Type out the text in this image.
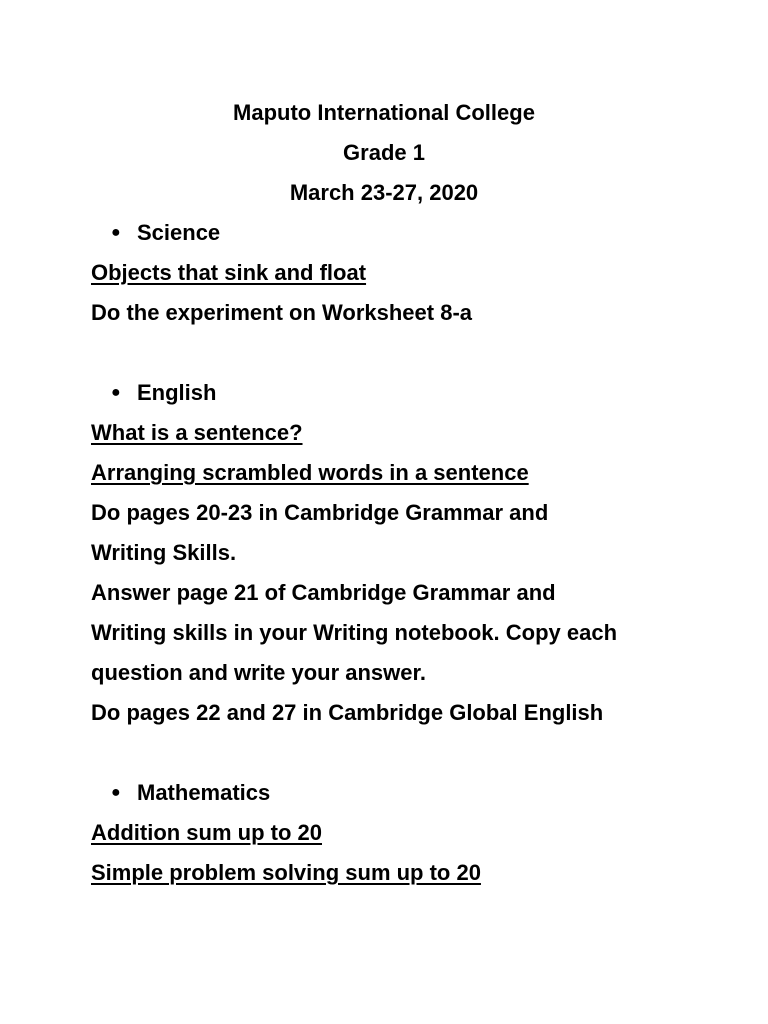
Maputo International College
Grade 1
March 23-27, 2020
● Science
Objects that sink and float
Do the experiment on Worksheet 8-a
● English
What is a sentence?
Arranging scrambled words in a sentence
Do pages 20-23 in Cambridge Grammar and
Writing Skills.
Answer page 21 of Cambridge Grammar and
Writing skills in your Writing notebook. Copy each
question and write your answer.
Do pages 22 and 27 in Cambridge Global English
● Mathematics
Addition sum up to 20
Simple problem solving sum up to 20
